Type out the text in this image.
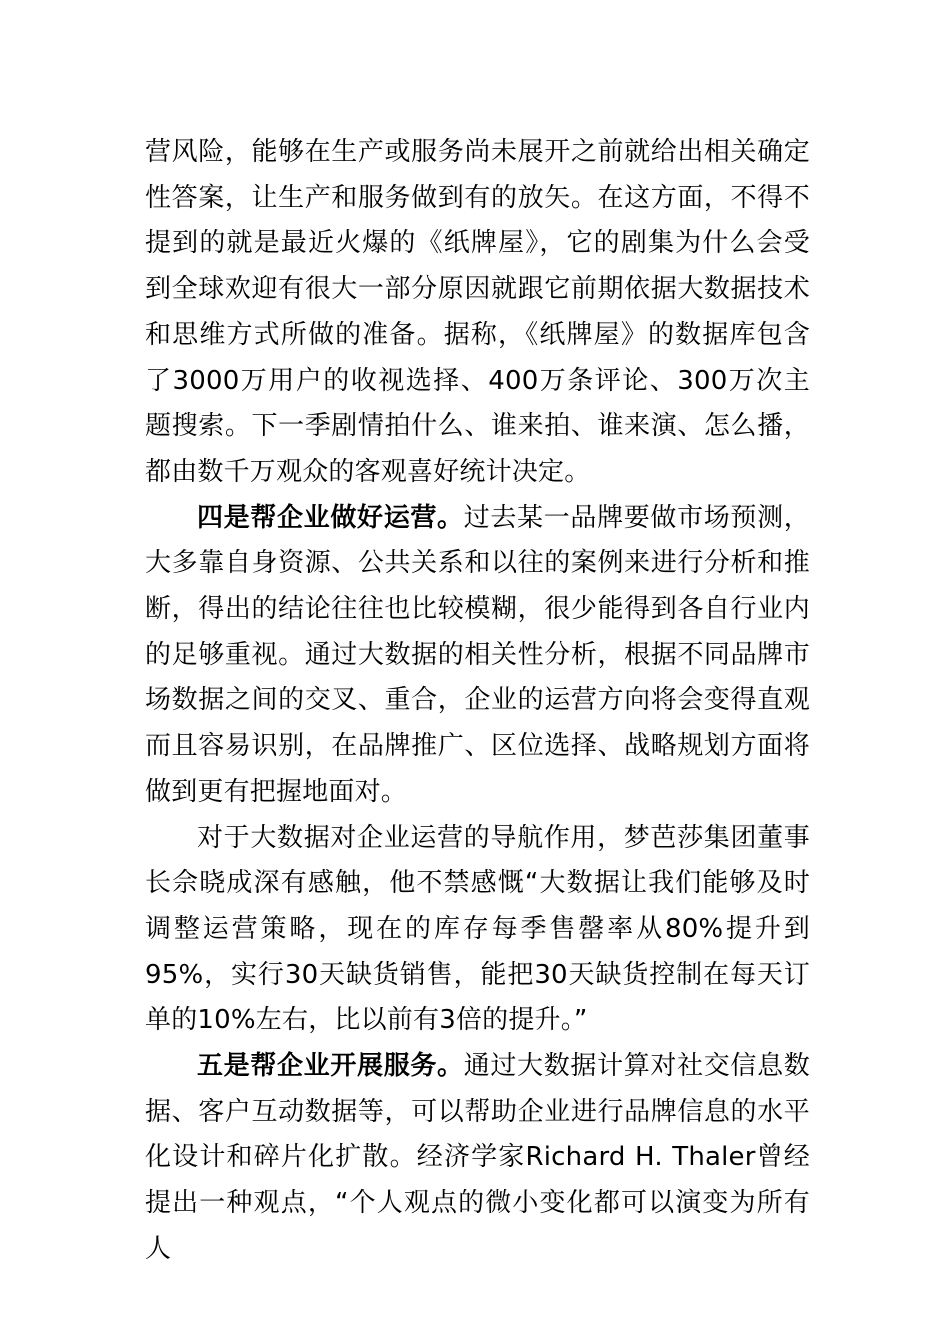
营风险，能够在生产或服务尚未展开之前就给出相关确定性答案，让生产和服务做到有的放矢。在这方面，不得不提到的就是最近火爆的《纸牌屋》，它的剧集为什么会受到全球欢迎有很大一部分原因就跟它前期依据大数据技术和思维方式所做的准备。据称，《纸牌屋》的数据库包含了3000万用户的收视选择、400万条评论、300万次主题搜索。下一季剧情拍什么、谁来拍、谁来演、怎么播，都由数千万观众的客观喜好统计决定。

四是帮企业做好运营。过去某一品牌要做市场预测，大多靠自身资源、公共关系和以往的案例来进行分析和推断，得出的结论往往也比较模糊，很少能得到各自行业内的足够重视。通过大数据的相关性分析，根据不同品牌市场数据之间的交叉、重合，企业的运营方向将会变得直观而且容易识别，在品牌推广、区位选择、战略规划方面将做到更有把握地面对。

对于大数据对企业运营的导航作用，梦芭莎集团董事长佘晓成深有感触，他不禁感慨“大数据让我们能够及时调整运营策略，现在的库存每季售罄率从80%提升到95%，实行30天缺货销售，能把30天缺货控制在每天订单的10%左右，比以前有3倍的提升。”

五是帮企业开展服务。通过大数据计算对社交信息数据、客户互动数据等，可以帮助企业进行品牌信息的水平化设计和碎片化扩散。经济学家Richard H. Thaler曾经提出一种观点，“个人观点的微小变化都可以演变为所有人
